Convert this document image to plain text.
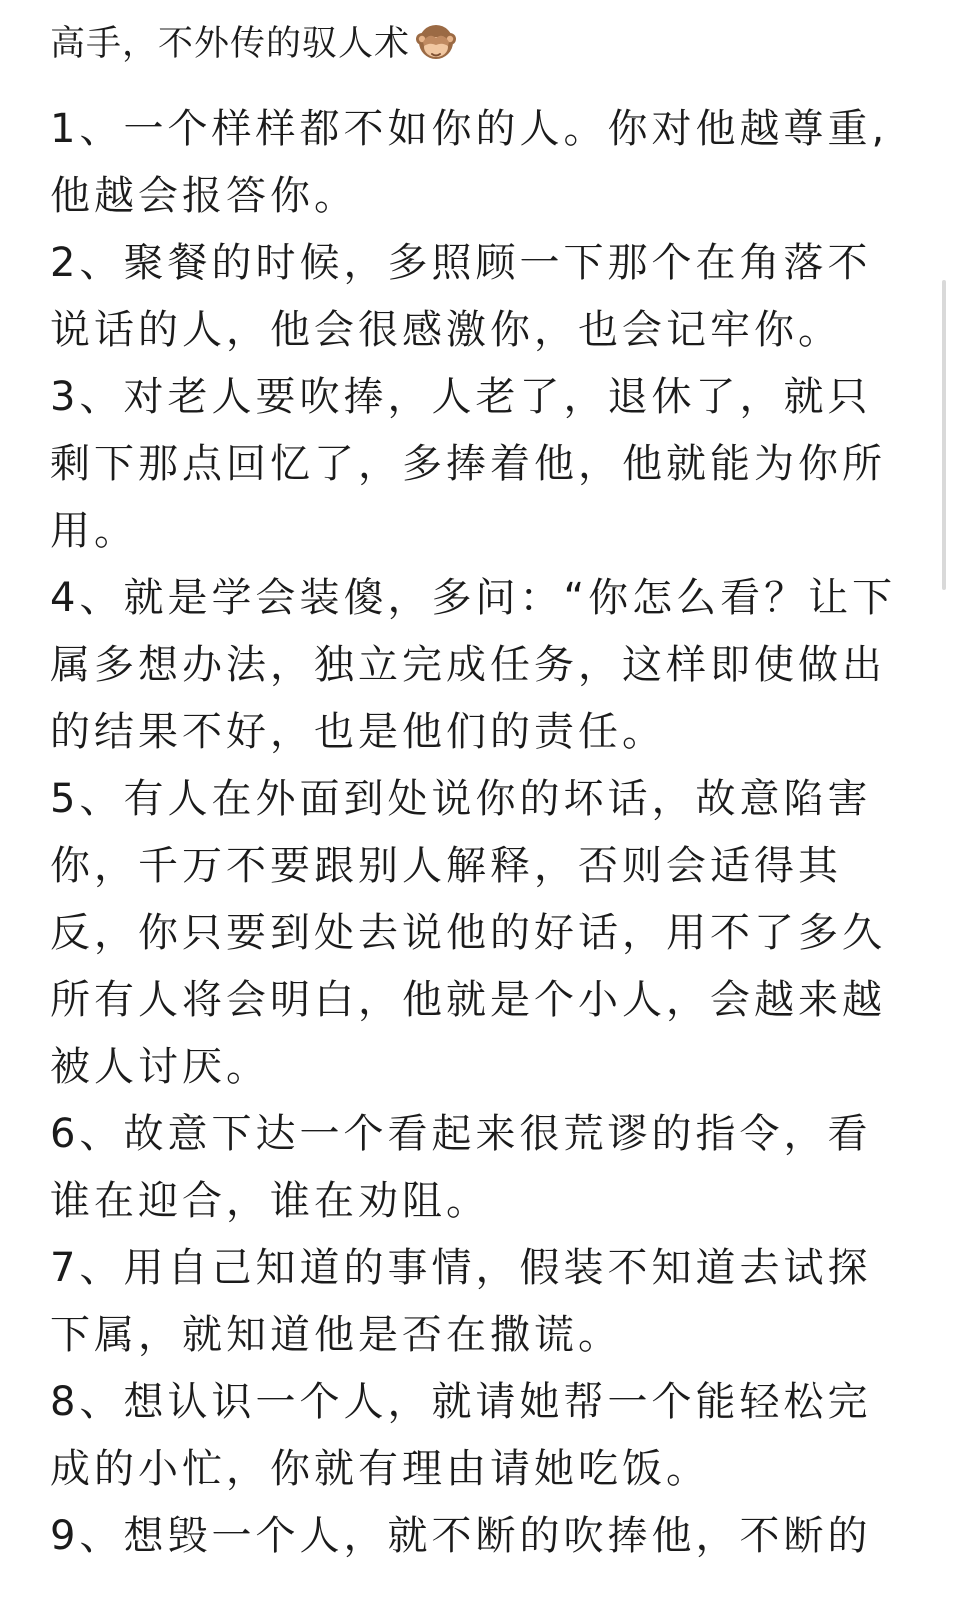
高手，不外传的驭人术
1、一个样样都不如你的人。你对他越尊重,
他越会报答你。
2、聚餐的时候，多照顾一下那个在角落不
说话的人，他会很感激你，也会记牢你。
3、对老人要吹捧，人老了，退休了，就只
剩下那点回忆了，多捧着他，他就能为你所
用。
4、就是学会装傻，多问：“你怎么看？让下
属多想办法，独立完成任务，这样即使做出
的结果不好，也是他们的责任。
5、有人在外面到处说你的坏话，故意陷害
你，千万不要跟别人解释，否则会适得其
反，你只要到处去说他的好话，用不了多久
所有人将会明白，他就是个小人，会越来越
被人讨厌。
6、故意下达一个看起来很荒谬的指令，看
谁在迎合，谁在劝阻。
7、用自己知道的事情，假装不知道去试探
下属，就知道他是否在撒谎。
8、想认识一个人，就请她帮一个能轻松完
成的小忙，你就有理由请她吃饭。
9、想毁一个人，就不断的吹捧他，不断的
